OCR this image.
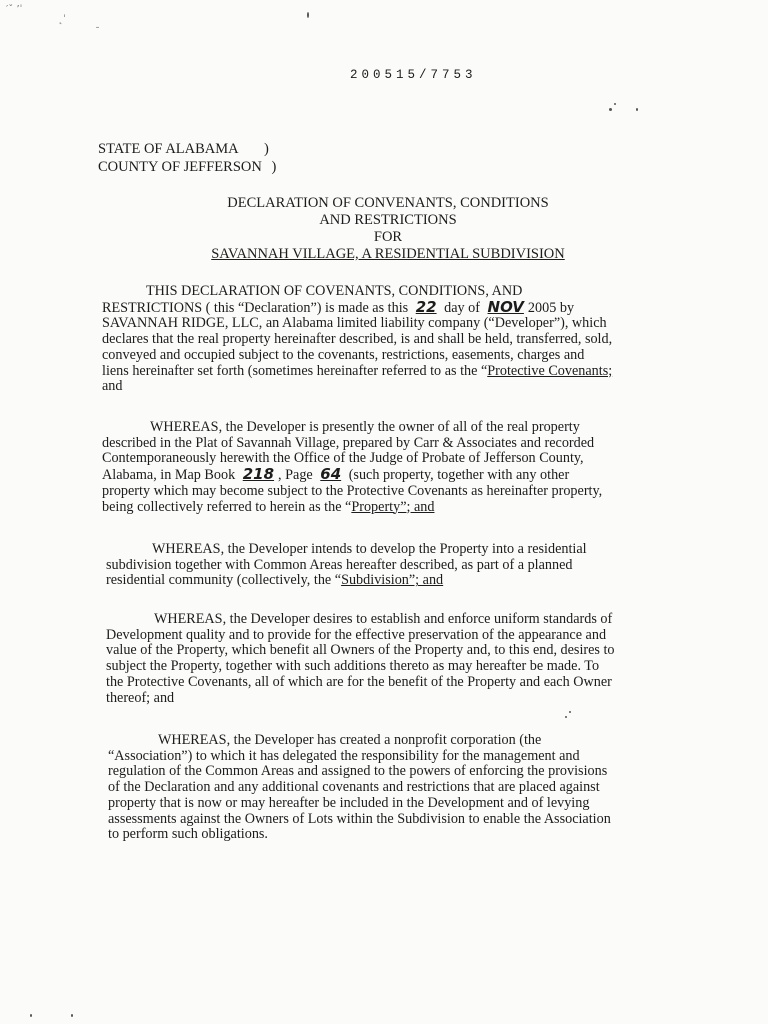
′ˇ ’ˈ
˛ˈ
200515/7753
STATE OF ALABAMA )
COUNTY OF JEFFERSON )
DECLARATION OF CONVENANTS, CONDITIONS
AND RESTRICTIONS
FOR
SAVANNAH VILLAGE, A RESIDENTIAL SUBDIVISION
THIS DECLARATION OF COVENANTS, CONDITIONS, AND
RESTRICTIONS ( this “Declaration”) is made as this 22 day of NOV 2005 by
SAVANNAH RIDGE, LLC, an Alabama limited liability company (“Developer”), which
declares that the real property hereinafter described, is and shall be held, transferred, sold,
conveyed and occupied subject to the covenants, restrictions, easements, charges and
liens hereinafter set forth (sometimes hereinafter referred to as the “Protective Covenants;
and
WHEREAS, the Developer is presently the owner of all of the real property
described in the Plat of Savannah Village, prepared by Carr & Associates and recorded
Contemporaneously herewith the Office of the Judge of Probate of Jefferson County,
Alabama, in Map Book 218 , Page 64 (such property, together with any other
property which may become subject to the Protective Covenants as hereinafter property,
being collectively referred to herein as the “Property”; and
WHEREAS, the Developer intends to develop the Property into a residential
subdivision together with Common Areas hereafter described, as part of a planned
residential community (collectively, the “Subdivision”; and
WHEREAS, the Developer desires to establish and enforce uniform standards of
Development quality and to provide for the effective preservation of the appearance and
value of the Property, which benefit all Owners of the Property and, to this end, desires to
subject the Property, together with such additions thereto as may hereafter be made. To
the Protective Covenants, all of which are for the benefit of the Property and each Owner
thereof; and
WHEREAS, the Developer has created a nonprofit corporation (the
“Association”) to which it has delegated the responsibility for the management and
regulation of the Common Areas and assigned to the powers of enforcing the provisions
of the Declaration and any additional covenants and restrictions that are placed against
property that is now or may hereafter be included in the Development and of levying
assessments against the Owners of Lots within the Subdivision to enable the Association
to perform such obligations.
